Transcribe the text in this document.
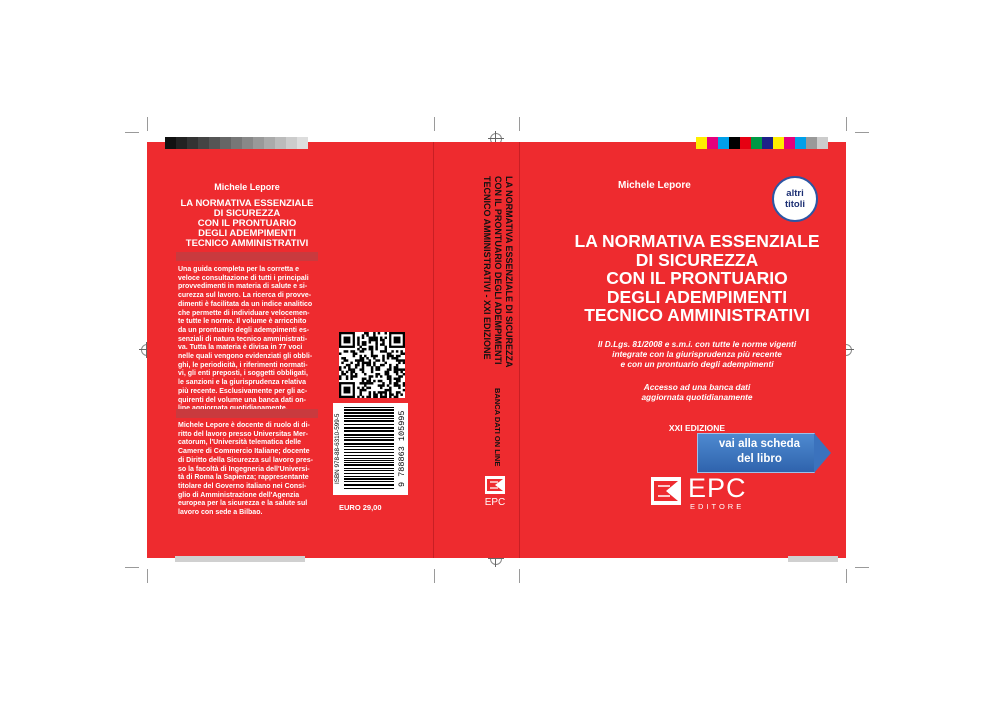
Michele Lepore
LA NORMATIVA ESSENZIALE
DI SICUREZZA
CON IL PRONTUARIO
DEGLI ADEMPIMENTI
TECNICO AMMINISTRATIVI
Una guida completa per la corretta e
veloce consultazione di tutti i principali
provvedimenti in materia di salute e si-
curezza sul lavoro. La ricerca di provve-
dimenti è facilitata da un indice analitico
che permette di individuare velocemen-
te tutte le norme. Il volume è arricchito
da un prontuario degli adempimenti es-
senziali di natura tecnico amministrati-
va. Tutta la materia è divisa in 77 voci
nelle quali vengono evidenziati gli obbli-
ghi, le periodicità, i riferimenti normati-
vi, gli enti preposti, i soggetti obbligati,
le sanzioni e la giurisprudenza relativa
più recente. Esclusivamente per gli ac-
quirenti del volume una banca dati on-
Michele Lepore è docente di ruolo di di-
ritto del lavoro presso Universitas Mer-
catorum, l'Università telematica delle
Camere di Commercio Italiane; docente
di Diritto della Sicurezza sul lavoro pres-
so la facoltà di Ingegneria dell'Universi-
tà di Roma la Sapienza; rappresentante
titolare del Governo italiano nei Consi-
glio di Amministrazione dell'Agenzia
europea per la sicurezza e la salute sul
lavoro con sede a Bilbao.
ISBN 978-88-6310-599-5	9 788863 105995
EURO 29,00
LA NORMATIVA ESSENZIALE DI SICUREZZA
CON IL PRONTUARIO DEGLI ADEMPIMENTI
TECNICO AMMINISTRATIVI - XXI EDIZIONE
BANCA DATI ON LINE
EPC
Michele Lepore
altri
titoli
LA NORMATIVA ESSENZIALE
DI SICUREZZA
CON IL PRONTUARIO
DEGLI ADEMPIMENTI
TECNICO AMMINISTRATIVI
Il D.Lgs. 81/2008 e s.m.i. con tutte le norme vigenti
integrate con la giurisprudenza più recente
e con un prontuario degli adempimenti
Accesso ad una banca dati
aggiornata quotidianamente
XXI EDIZIONE
vai alla scheda
del libro
EPC
EDITORE
